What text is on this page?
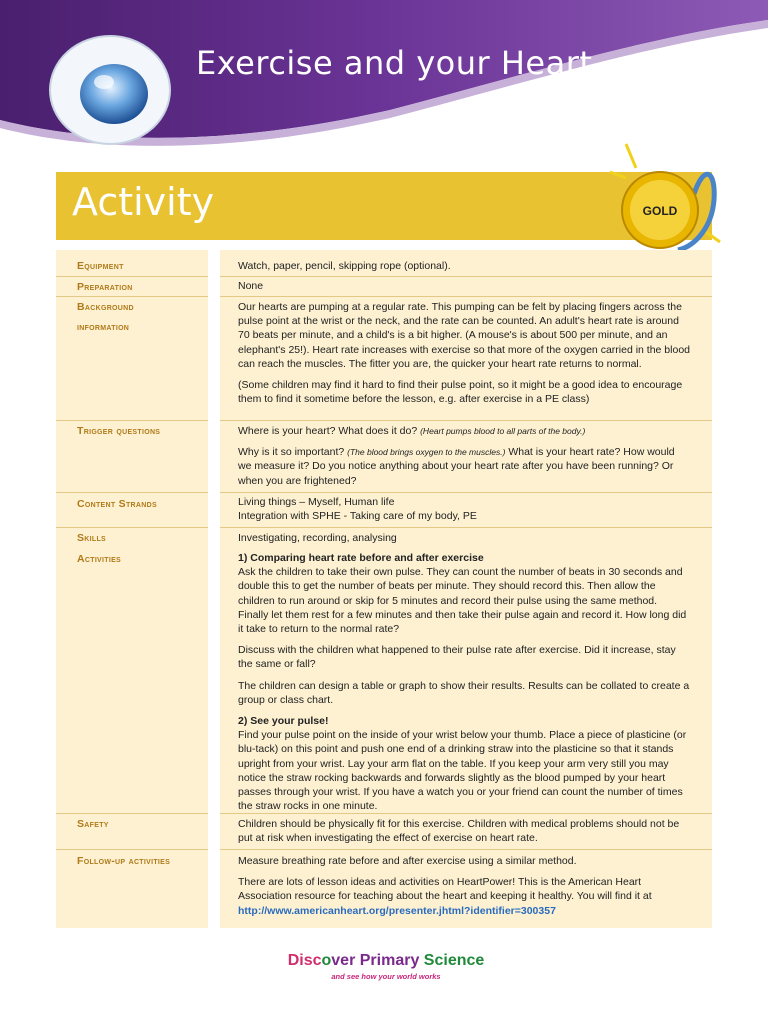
Exercise and your Heart
Activity	GOLD
Equipment
Preparation
Background
information
Trigger questions
Content Strands
Skills
Activities
Safety
Follow-up activities
Watch, paper, pencil, skipping rope (optional).
None

Our hearts are pumping at a regular rate. This pumping can be felt by placing fingers across the pulse point at the wrist or the neck, and the rate can be counted. An adult's heart rate is around 70 beats per minute, and a child's is a bit higher. (A mouse's is about 500 per minute, and an elephant's 25!). Heart rate increases with exercise so that more of the oxygen carried in the blood can reach the muscles. The fitter you are, the quicker your heart rate returns to normal.

(Some children may find it hard to find their pulse point, so it might be a good idea to encourage them to find it sometime before the lesson, e.g. after exercise in a PE class)

Where is your heart? What does it do? (Heart pumps blood to all parts of the body.)

Why is it so important? (The blood brings oxygen to the muscles.) What is your heart rate? How would we measure it? Do you notice anything about your heart rate after you have been running? Or when you are frightened?

Living things – Myself, Human life
Integration with SPHE - Taking care of my body, PE
Investigating, recording, analysing
1) Comparing heart rate before and after exercise

Ask the children to take their own pulse. They can count the number of beats in 30 seconds and double this to get the number of beats per minute. They should record this. Then allow the children to run around or skip for 5 minutes and record their pulse using the same method. Finally let them rest for a few minutes and then take their pulse again and record it. How long did it take to return to the normal rate?

Discuss with the children what happened to their pulse rate after exercise. Did it increase, stay the same or fall?

The children can design a table or graph to show their results. Results can be collated to create a group or class chart.

2) See your pulse!

Find your pulse point on the inside of your wrist below your thumb. Place a piece of plasticine (or blu-tack) on this point and push one end of a drinking straw into the plasticine so that it stands upright from your wrist. Lay your arm flat on the table. If you keep your arm very still you may notice the straw rocking backwards and forwards slightly as the blood pumped by your heart passes through your wrist. If you have a watch you or your friend can count the number of times the straw rocks in one minute.

Children should be physically fit for this exercise. Children with medical problems should not be put at risk when investigating the effect of exercise on heart rate.

Measure breathing rate before and after exercise using a similar method.

There are lots of lesson ideas and activities on HeartPower! This is the American Heart Association resource for teaching about the heart and keeping it healthy. You will find it at
http://www.americanheart.org/presenter.jhtml?identifier=300357
Discover Primary Science
and see how your world works
